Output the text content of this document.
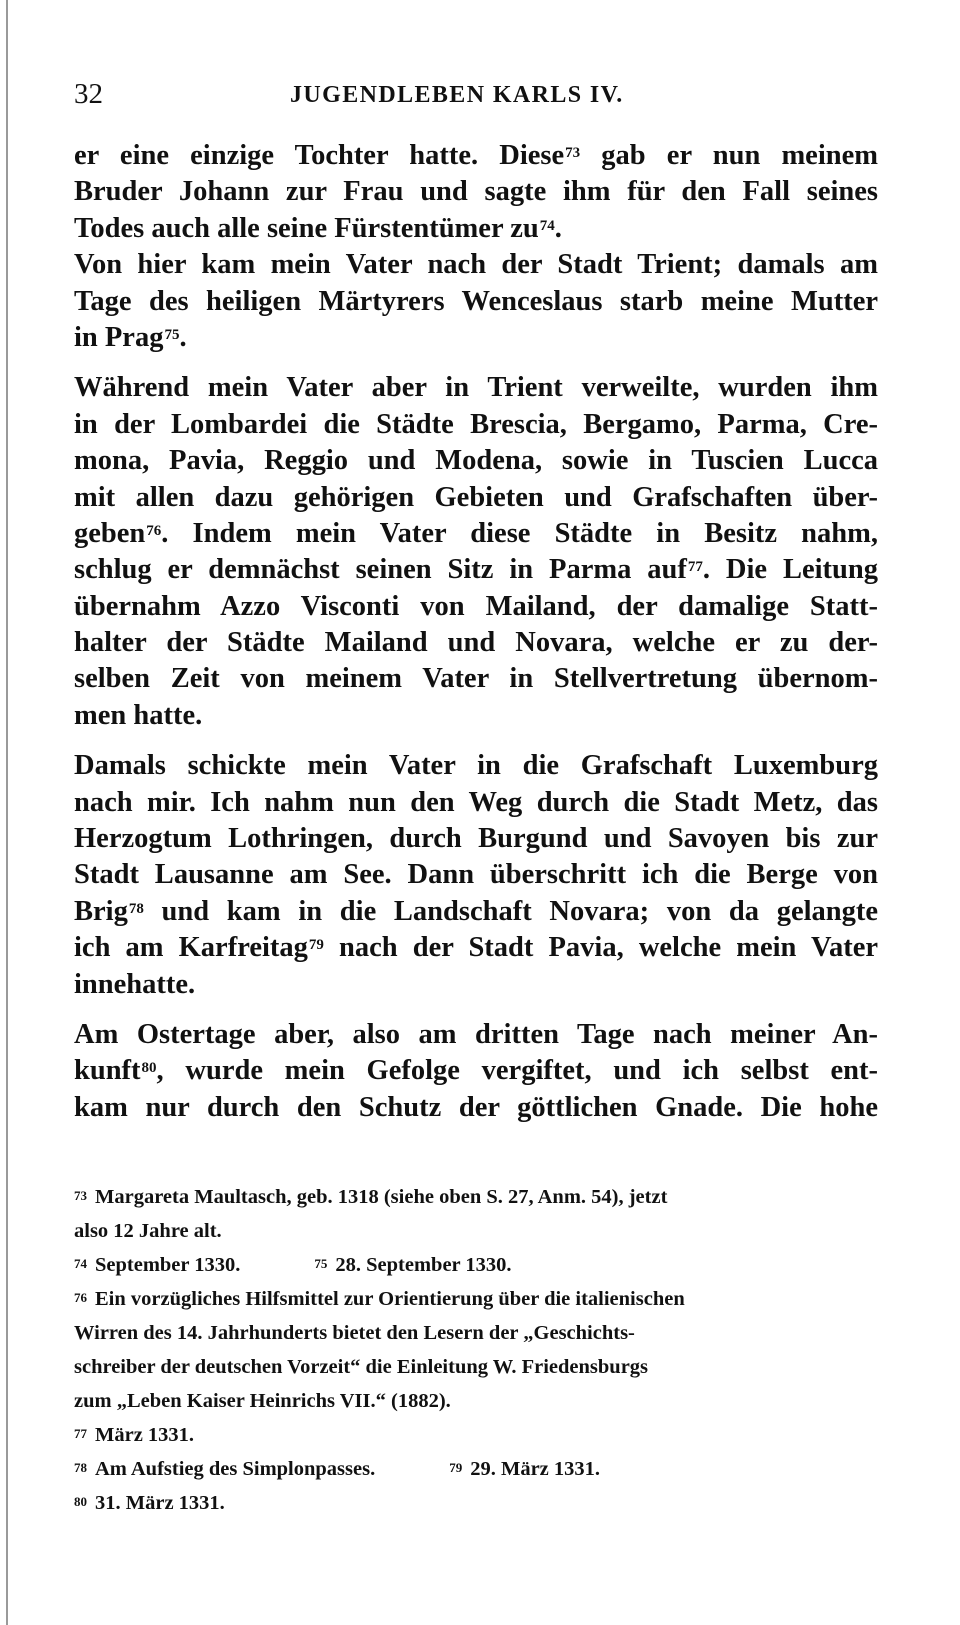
32	JUGENDLEBEN KARLS IV.
er eine einzige Tochter hatte. Diese$^{73}$ gab er nun meinem
Bruder Johann zur Frau und sagte ihm für den Fall seines
Todes auch alle seine Fürstentümer $zu^{74}$.
Von hier kam mein Vater nach der Stadt Trient; damals am
Tage des heiligen Märtyrers Wenceslaus starb meine Mutter
in Prag$^{75}$.
Während mein Vater aber in Trient verweilte, wurden ihm
in der Lombardei die Städte Brescia, Bergamo, Parma, Cre-
mona, Pavia, Reggio und Modena, sowie in Tuscien Lucca
mit allen dazu gehörigen Gebieten und Grafschaften über-
geben$^{76}$. Indem mein Vater diese Städte in Besitz nahm,
schlug er demnächst seinen Sitz in Parma auf$^{77}$. Die Leitung
übernahm Azzo Visconti von Mailand, der damalige Statt-
halter der Städte Mailand und Novara, welche er zu der-
selben Zeit von meinem Vater in Stellvertretung übernom-
men hatte.
Damals schickte mein Vater in die Grafschaft Luxemburg
nach mir. Ich nahm nun den Weg durch die Stadt Metz, das
Herzogtum Lothringen, durch Burgund und Savoyen bis zur
Stadt Lausanne am See. Dann überschritt ich die Berge von
Brig$^{78}$ und kam in die Landschaft Novara; von da gelangte
ich am Karfreitag$^{79}$ nach der Stadt Pavia, welche mein Vater
innehatte.
Am Ostertage aber, also am dritten Tage nach meiner An-
kunft$^{80}$, wurde mein Gefolge vergiftet, und ich selbst ent-
kam nur durch den Schutz der göttlichen Gnade. Die hohe
$^{73}$ Margareta Maultasch, geb. 1318 (siehe oben S. 27, Anm. 54), jetzt
also 12 Jahre alt.
$^{74}$ September 1330.	$^{75}$ 28. September 1330.
$^{76}$ Ein vorzügliches Hilfsmittel zur Orientierung über die italienischen
Wirren des 14. Jahrhunderts bietet den Lesern der „Geschichts-
schreiber der deutschen Vorzeit“ die Einleitung W. Friedensburgs
zum „Leben Kaiser Heinrichs VII.“ (1882).
$^{77}$ März 1331.
$^{78}$ Am Aufstieg des Simplonpasses.	$^{79}$ 29. März 1331.
$^{80}$ 31. März 1331.
